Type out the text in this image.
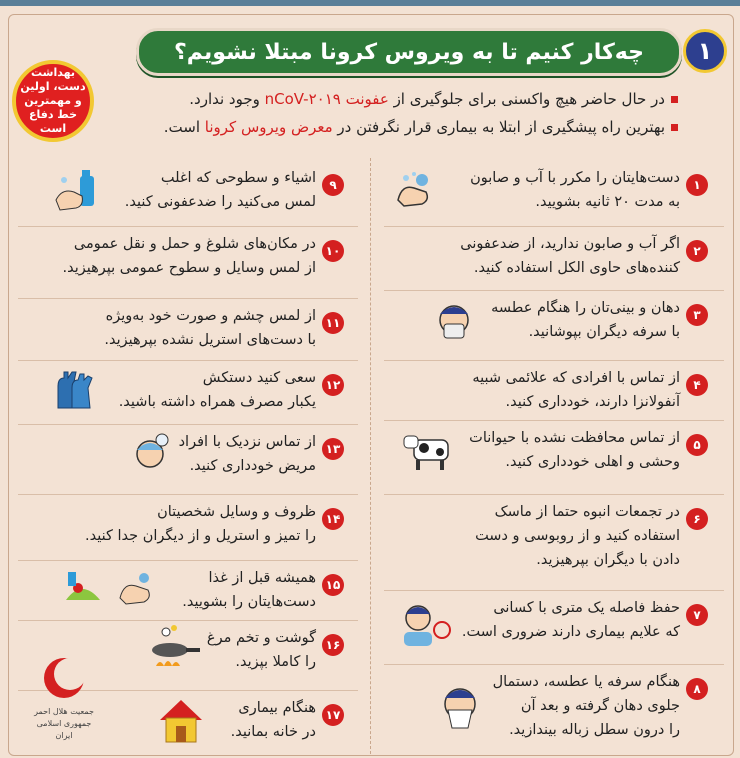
چه‌کار کنیم تا به ویروس کرونا مبتلا نشویم؟	۱
بهداشت دست، اولین و مهمترین خط دفاع است
در حال حاضر هیچ واکسنی برای جلوگیری از عفونت nCoV-۲۰۱۹ وجود ندارد.
بهترین راه پیشگیری از ابتلا به بیماری قرار نگرفتن در معرض ویروس کرونا است.
۱
دست‌هایتان را مکرر با آب و صابون
به مدت ۲۰ ثانیه بشویید.
۲
اگر آب و صابون ندارید، از ضدعفونی
کننده‌های حاوی الکل استفاده کنید.
۳
دهان و بینی‌تان را هنگام عطسه
با سرفه دیگران بپوشانید.
۴
از تماس با افرادی که علائمی شبیه
آنفولانزا دارند، خودداری کنید.
۵
از تماس محافظت نشده با حیوانات
وحشی و اهلی خودداری کنید.
۶
در تجمعات انبوه حتما از ماسک
استفاده کنید و از روبوسی و دست
دادن با دیگران بپرهیزید.
۷
حفظ فاصله یک متری با کسانی
که علایم بیماری دارند ضروری است.
۸
هنگام سرفه یا عطسه، دستمال
جلوی دهان گرفته و بعد آن
را درون سطل زباله بیندازید.
۹
اشیاء و سطوحی که اغلب
لمس می‌کنید را ضدعفونی کنید.
۱۰
در مکان‌های شلوغ و حمل و نقل عمومی
از لمس وسایل و سطوح عمومی بپرهیزید.
۱۱
از لمس چشم و صورت خود به‌ویژه
با دست‌های استریل نشده بپرهیزید.
۱۲
سعی کنید دستکش
یکبار مصرف همراه داشته باشید.
۱۳
از تماس نزدیک با افراد
مریض خودداری کنید.
۱۴
ظروف و وسایل شخصیتان
را تمیز و استریل و از دیگران جدا کنید.
۱۵
همیشه قبل از غذا
دست‌هایتان را بشویید.
۱۶
گوشت و تخم مرغ
را کاملا بپزید.
۱۷
هنگام بیماری
در خانه بمانید.
جمعیت هلال احمر
جمهوری اسلامی ایران
